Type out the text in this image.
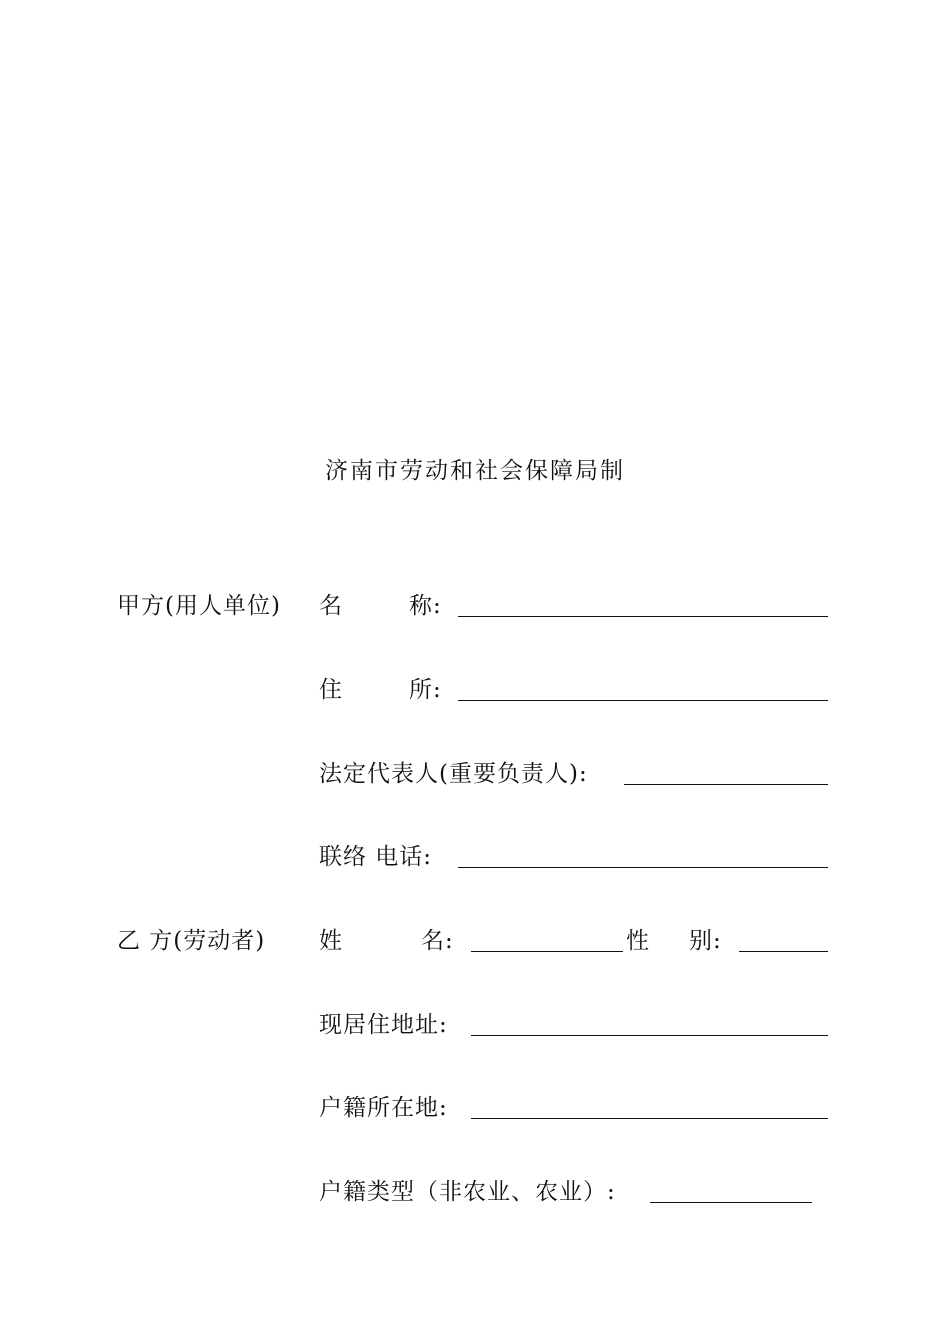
济南市劳动和社会保障局制
甲方(用人单位) 名	称:
住	所:
法定代表人(重要负责人):
联络 电话:
乙 方(劳动者) 姓	名:	性 别:
现居住地址:
户籍所在地:
户籍类型（非农业、农业）:
